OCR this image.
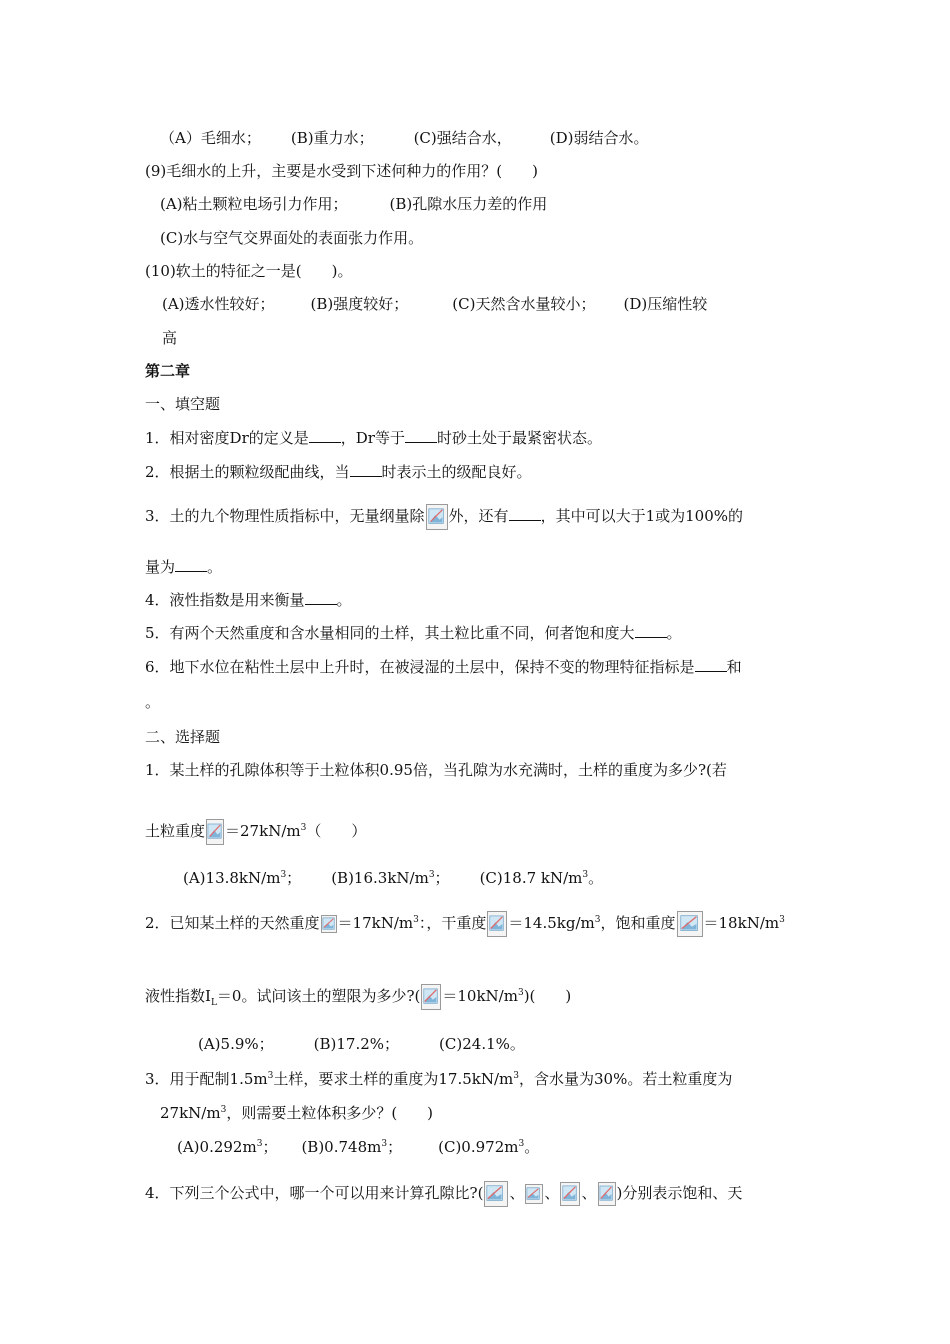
（A）毛细水； (B)重力水；	(C)强结合水，	(D)弱结合水。
(9)毛细水的上升，主要是水受到下述何种力的作用？(　　)
(A)粘土颗粒电场引力作用；	(B)孔隙水压力差的作用
(C)水与空气交界面处的表面张力作用。
(10)软土的特征之一是(　　)。
(A)透水性较好； (B)强度较好；	(C)天然含水量较小； (D)压缩性较
高
第二章
一、填空题
1．相对密度Dr的定义是 ，Dr等于 时砂土处于最紧密状态。
2．根据土的颗粒级配曲线，当 时表示土的级配良好。
3．土的九个物理性质指标中，无量纲量除 外，还有 ，其中可以大于1或为100%的
量为 。
4．液性指数是用来衡量 。
5．有两个天然重度和含水量相同的土样，其土粒比重不同，何者饱和度大 。
6．地下水位在粘性土层中上升时，在被浸湿的土层中，保持不变的物理特征指标是 和
。
二、选择题
1．某土样的孔隙体积等于土粒体积0.95倍，当孔隙为水充满时，土样的重度为多少?(若
土粒重度 $=27kN/m^3$（　　）
$(A)13.8kN/m^3$； $(B)16.3kN/m^3$； (C)18.7 $kN/m^3$。
2．已知某土样的天然重度 $=17kN/m^3$：，干重度 $=14.5kg/m^3$，饱和重度 $=18kN/m^3$
液性指数$I_L=0$。试问该土的塑限为多少?( $=10kN/m^3$)(　　)
(A)5.9%；	(B)17.2%；	(C)24.1%。
3．用于配制$1.5m^3$土样，要求土样的重度为$17.5kN/m^3$，含水量为30%。若土粒重度为
$27kN/m^3$，则需要土粒体积多少？(　　)
$(A)0.292m^3$； $(B)0.748m^3$； $(C)0.972m^3$。
4．下列三个公式中，哪一个可以用来计算孔隙比?( 、 、 、 )分别表示饱和、天
